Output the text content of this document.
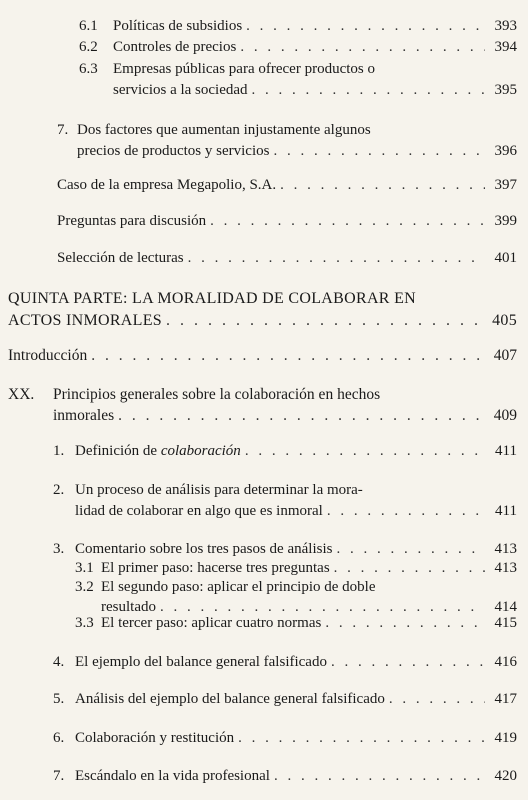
6.1	Políticas de subsidios . . .	393
6.2	Controles de precios . . .	394
6.3	Empresas públicas para ofrecer productos o
servicios a la sociedad . . .	395
7. Dos factores que aumentan injustamente algunos
precios de productos y servicios . . .	396
Caso de la empresa Megapolio, S.A. . . .	397
Preguntas para discusión . . .	399
Selección de lecturas . . .	401
QUINTA PARTE: LA MORALIDAD DE COLABORAR EN
ACTOS INMORALES . . .	405
Introducción . . .	407
XX.	Principios generales sobre la colaboración en hechos
inmorales . . .	409
1. Definición de colaboración . . .	411
2. Un proceso de análisis para determinar la mora-
lidad de colaborar en algo que es inmoral . . .	411
3. Comentario sobre los tres pasos de análisis . . .	413
3.1 El primer paso: hacerse tres preguntas . . .	413
3.2 El segundo paso: aplicar el principio de doble
resultado . . .	414
3.3 El tercer paso: aplicar cuatro normas . . .	415
4. El ejemplo del balance general falsificado . . .	416
5. Análisis del ejemplo del balance general falsificado . . .	417
6. Colaboración y restitución . . .	419
7. Escándalo en la vida profesional . . .	420
